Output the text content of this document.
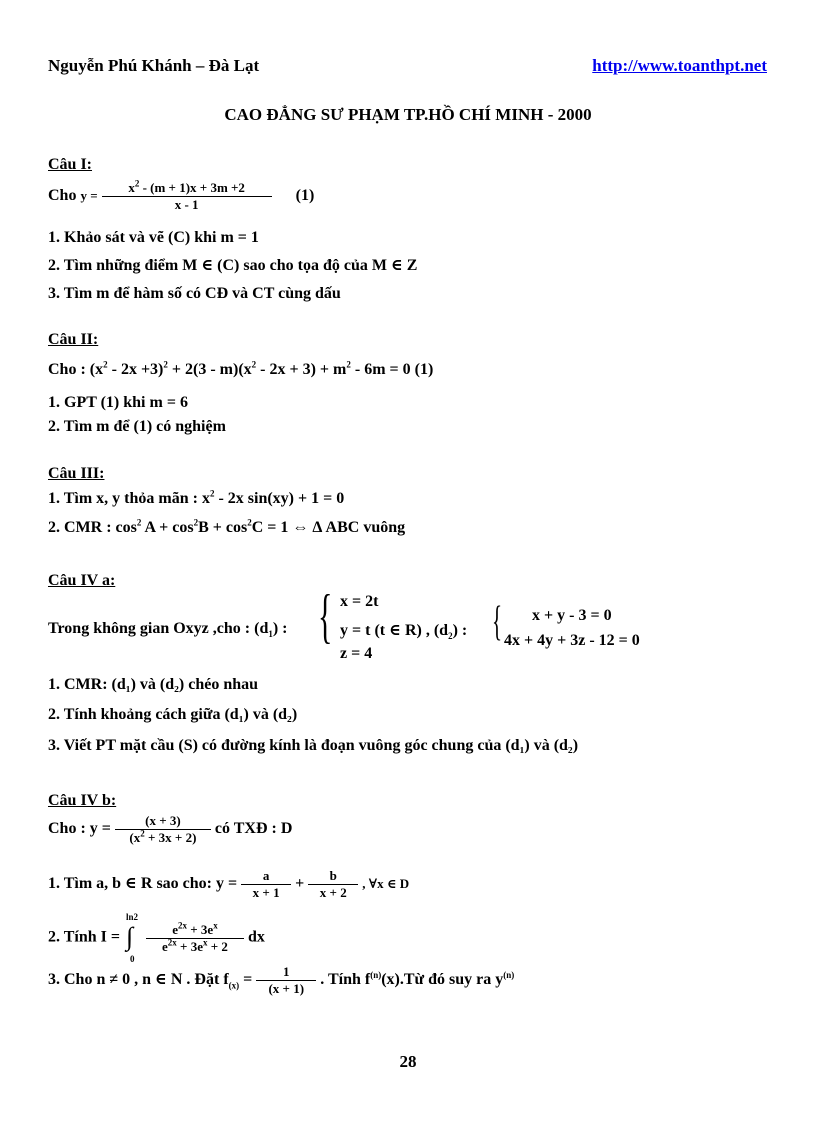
Nguyễn Phú Khánh – Đà Lạt	http://www.toanthpt.net
CAO ĐẲNG SƯ PHẠM TP.HỒ CHÍ MINH - 2000
Câu I:
Cho $y = \frac{x^2 - (m + 1)x + 3m +2}{x - 1} (1)$
1. Khảo sát và vẽ (C) khi m = 1
2. Tìm những điểm M ∈ (C) sao cho tọa độ của M ∈ Z
3. Tìm m để hàm số có CĐ và CT cùng dấu
Câu II:
Cho : $(x^2 - 2x +3)^2 + 2(3 - m)(x^2 - 2x + 3) + m^2 - 6m = 0$ (1)
1. GPT (1) khi m = 6
2. Tìm m để (1) có nghiệm
Câu III:
1. Tìm x, y thỏa mãn : $x^2 - 2x$ sin(xy) + 1 = 0
2. CMR : $\cos^2 A + \cos^2B + \cos^2C = 1$ ⇔ Δ ABC vuông
Câu IV a:
Trong không gian Oxyz ,cho : $(d_1)$ : { x = 2t
y = t (t ∈ R) , $(d_2)$ :
z = 4
{ x + y - 3 = 0
4x + 4y + 3z - 12 = 0
1. CMR: (d₁) và (d₂) chéo nhau
2. Tính khoảng cách giữa (d₁) và (d₂)
3. Viết PT mặt cầu (S) có đường kính là đoạn vuông góc chung của (d₁) và (d₂)
Câu IV b:
Cho : $y = \frac{(x + 3)}{(x^2 + 3x + 2)}$ có TXĐ : D
1. Tìm a, b ∈ R sao cho: $y = \frac{a}{x + 1} + \frac{b}{x + 2}$ , ∀x ∈ D
2. Tính I =
ln2
∫
0

$\frac{e^{2x} + 3e^x}{e^{2x} + 3e^x + 2}$ dx
3. Cho n ≠ 0 , n ∈ N . Đặt $f_{(x)} = \frac{1}{(x + 1)}$ . Tính $f^{(n)}(x).Từ$ đó suy ra $y^{(n)}$
28
